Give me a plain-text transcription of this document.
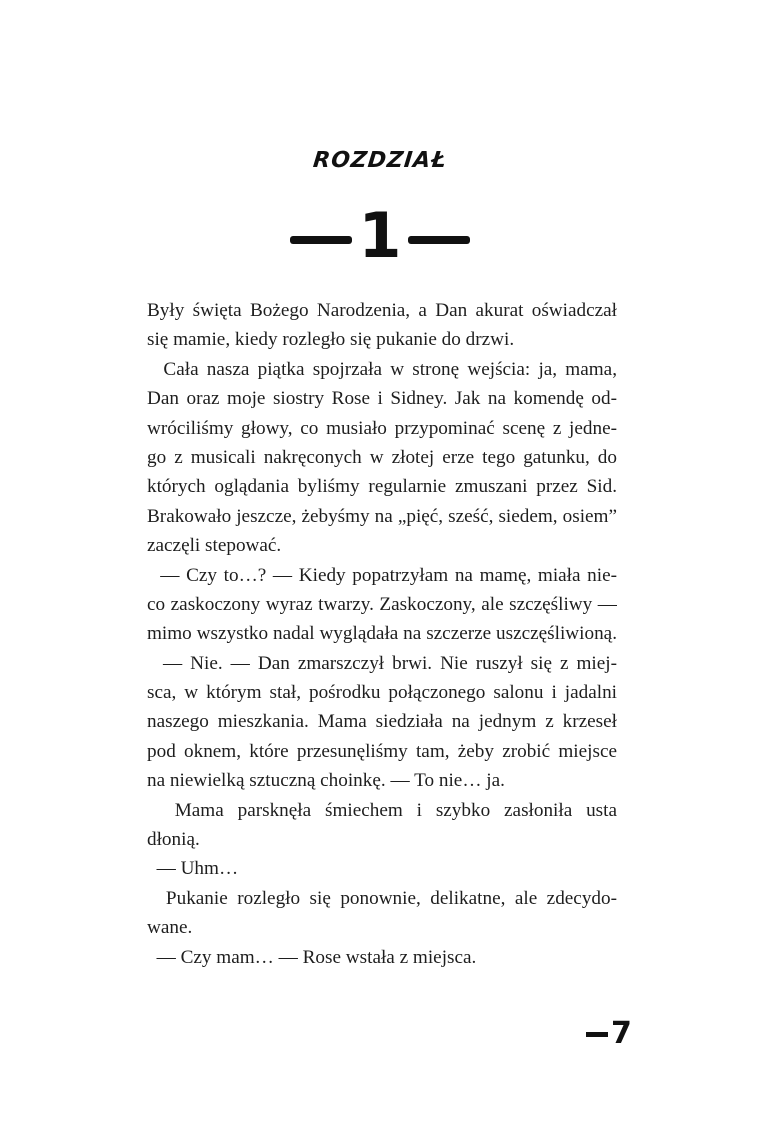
ROZDZIAŁ
1
Były święta Bożego Narodzenia, a Dan akurat oświadczał
się mamie, kiedy rozległo się pukanie do drzwi.
Cała nasza piątka spojrzała w stronę wejścia: ja, mama,
Dan oraz moje siostry Rose i Sidney. Jak na komendę od-
wróciliśmy głowy, co musiało przypominać scenę z jedne-
go z musicali nakręconych w złotej erze tego gatunku, do
których oglądania byliśmy regularnie zmuszani przez Sid.
Brakowało jeszcze, żebyśmy na „pięć, sześć, siedem, osiem”
zaczęli stepować.
— Czy to…? — Kiedy popatrzyłam na mamę, miała nie-
co zaskoczony wyraz twarzy. Zaskoczony, ale szczęśliwy —
mimo wszystko nadal wyglądała na szczerze uszczęśliwioną.
— Nie. — Dan zmarszczył brwi. Nie ruszył się z miej-
sca, w którym stał, pośrodku połączonego salonu i jadalni
naszego mieszkania. Mama siedziała na jednym z krzeseł
pod oknem, które przesunęliśmy tam, żeby zrobić miejsce
na niewielką sztuczną choinkę. — To nie… ja.
Mama parsknęła śmiechem i szybko zasłoniła usta
dłonią.
— Uhm…
Pukanie rozległo się ponownie, delikatne, ale zdecydo-
wane.
— Czy mam… — Rose wstała z miejsca.
7
